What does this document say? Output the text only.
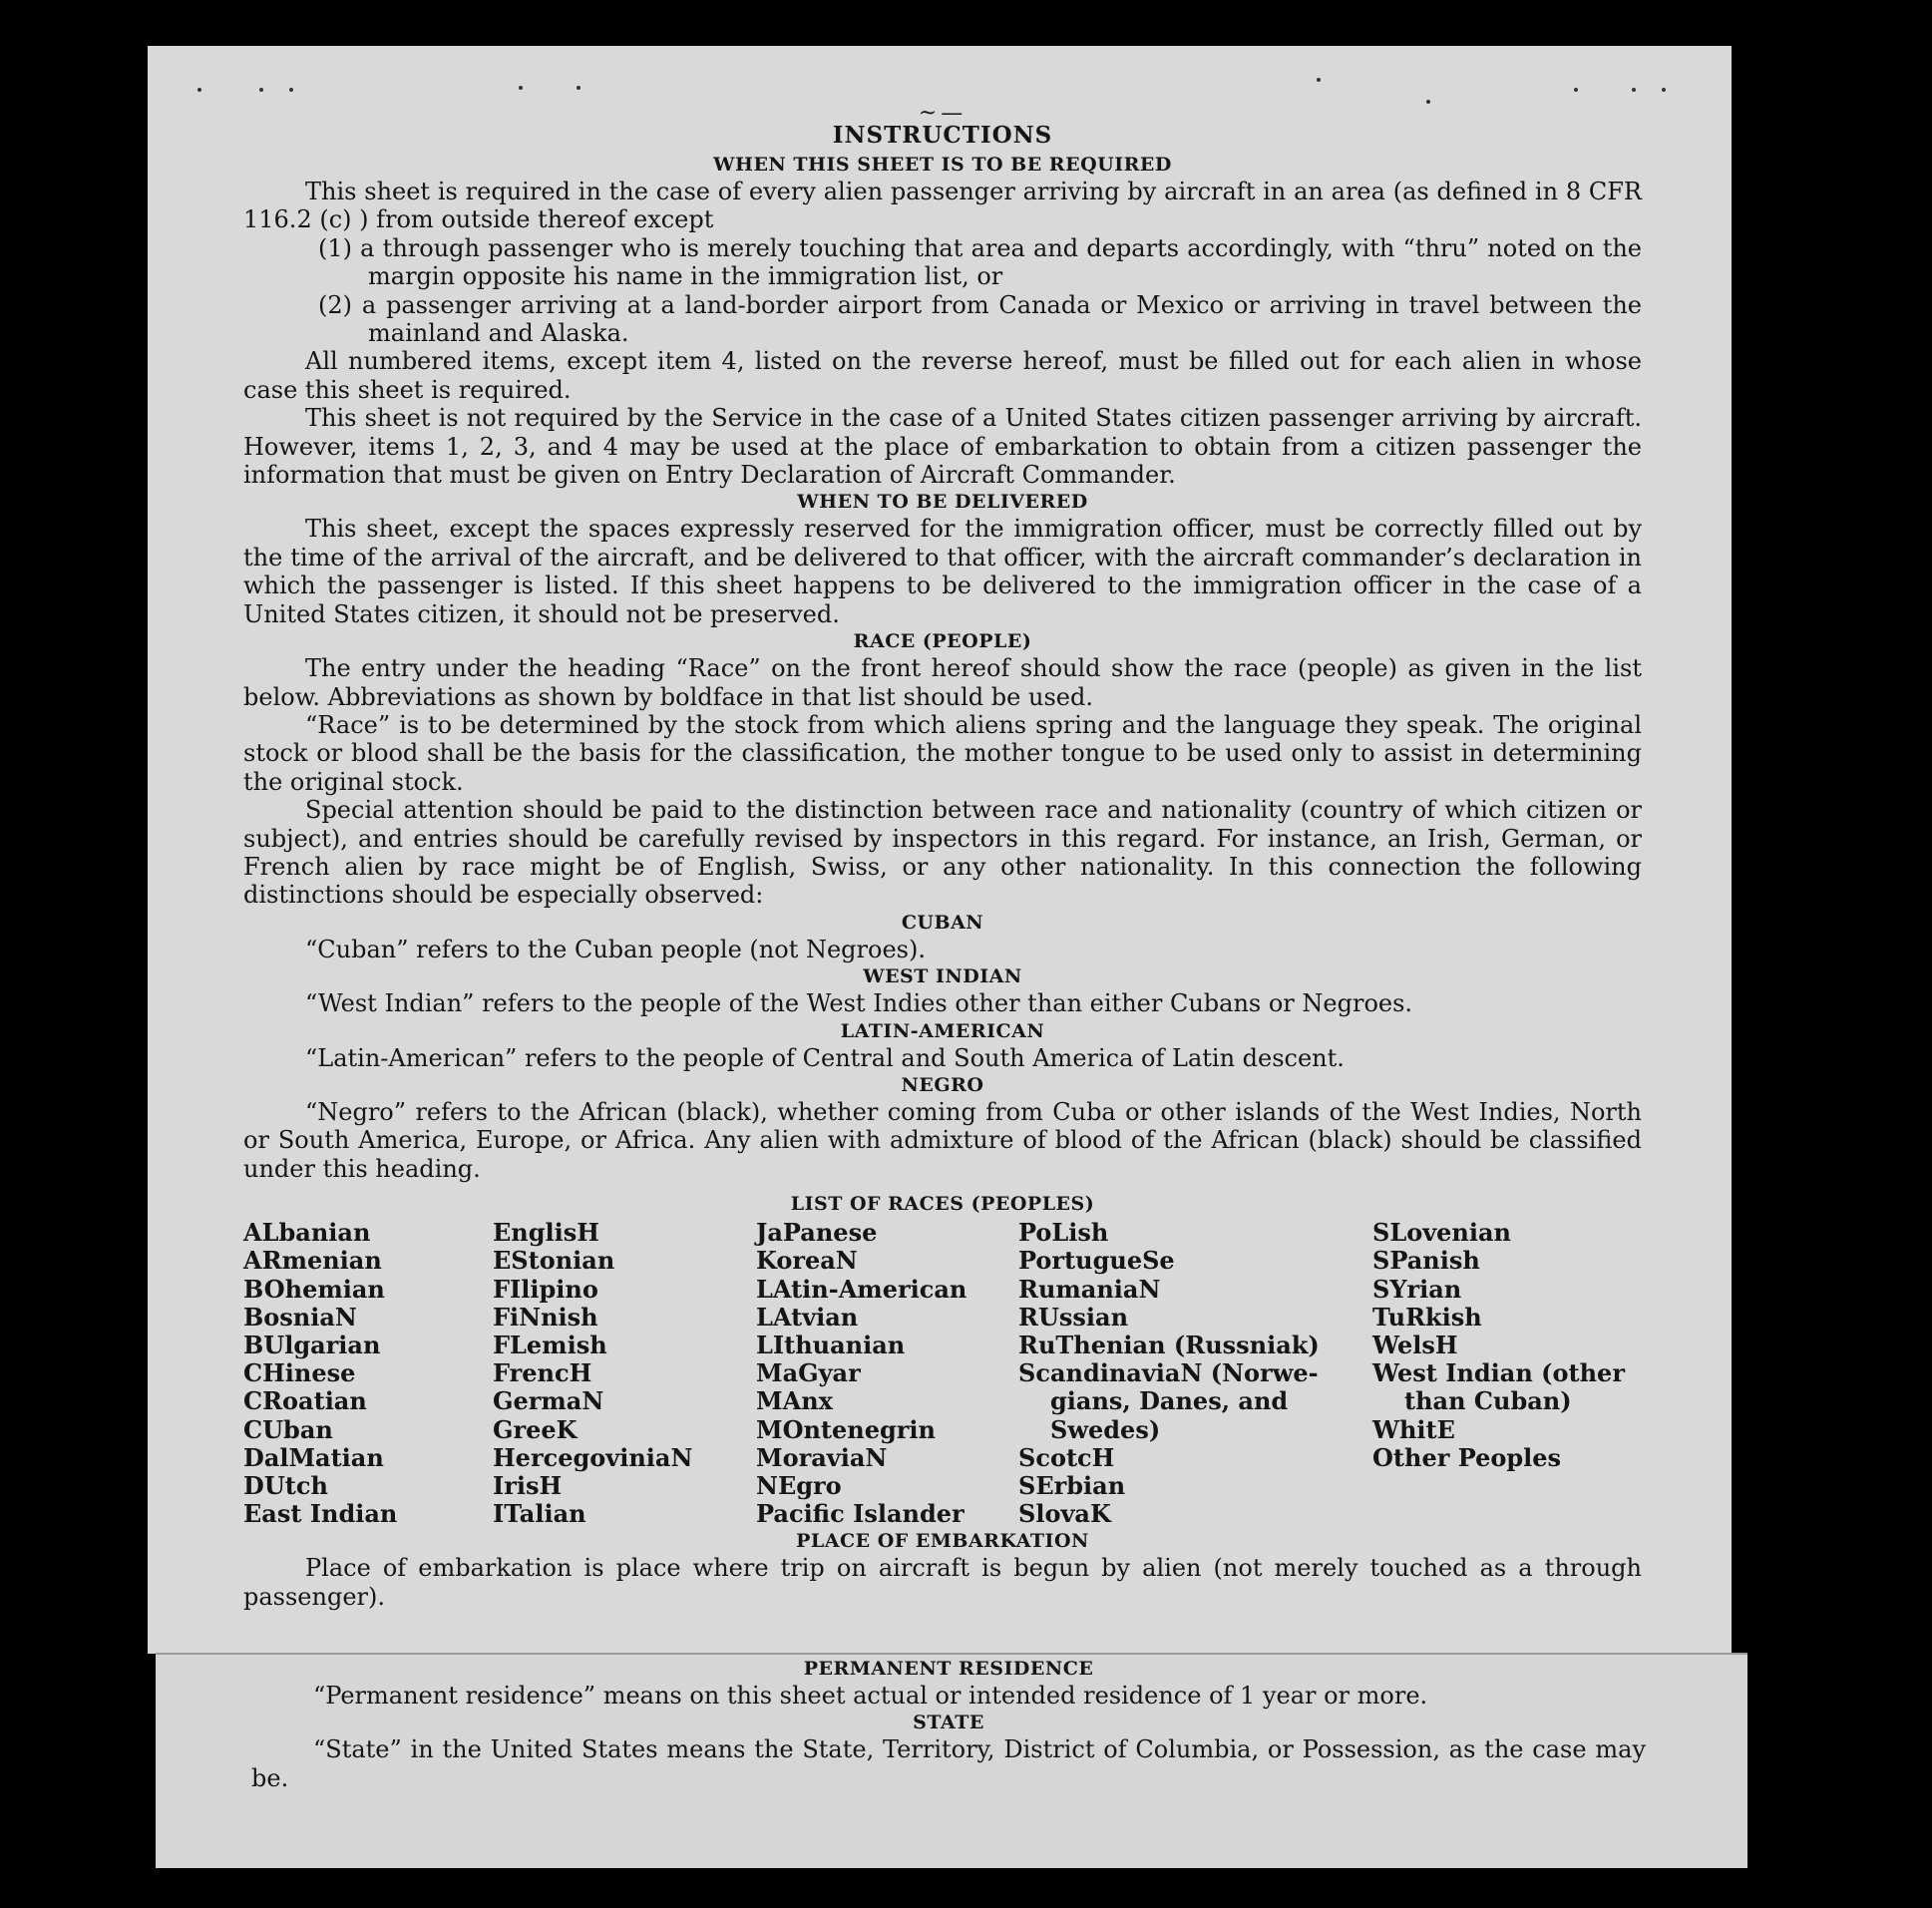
~—
INSTRUCTIONS
WHEN THIS SHEET IS TO BE REQUIRED

This sheet is required in the case of every alien passenger arriving by aircraft in an area (as defined in 8 CFR 116.2 (c) ) from outside thereof except

(1) a through passenger who is merely touching that area and departs accordingly, with “thru” noted on the margin opposite his name in the immigration list, or

(2) a passenger arriving at a land-border airport from Canada or Mexico or arriving in travel between the mainland and Alaska.

All numbered items, except item 4, listed on the reverse hereof, must be filled out for each alien in whose case this sheet is required.

This sheet is not required by the Service in the case of a United States citizen passenger arriving by aircraft. However, items 1, 2, 3, and 4 may be used at the place of embarkation to obtain from a citizen passenger the information that must be given on Entry Declaration of Aircraft Commander.

WHEN TO BE DELIVERED

This sheet, except the spaces expressly reserved for the immigration officer, must be correctly filled out by the time of the arrival of the aircraft, and be delivered to that officer, with the aircraft commander’s declaration in which the passenger is listed. If this sheet happens to be delivered to the immigration officer in the case of a United States citizen, it should not be preserved.

RACE (PEOPLE)

The entry under the heading “Race” on the front hereof should show the race (people) as given in the list below. Abbreviations as shown by boldface in that list should be used.

“Race” is to be determined by the stock from which aliens spring and the language they speak. The original stock or blood shall be the basis for the classification, the mother tongue to be used only to assist in determining the original stock.

Special attention should be paid to the distinction between race and nationality (country of which citizen or subject), and entries should be carefully revised by inspectors in this regard. For instance, an Irish, German, or French alien by race might be of English, Swiss, or any other nationality. In this connection the following distinctions should be especially observed:

CUBAN

“Cuban” refers to the Cuban people (not Negroes).

WEST INDIAN

“West Indian” refers to the people of the West Indies other than either Cubans or Negroes.

LATIN-AMERICAN

“Latin-American” refers to the people of Central and South America of Latin descent.

NEGRO

“Negro” refers to the African (black), whether coming from Cuba or other islands of the West Indies, North or South America, Europe, or Africa. Any alien with admixture of blood of the African (black) should be classified under this heading.

LIST OF RACES (PEOPLES)
ALbanian
ARmenian
BOhemian
BosniaN
BUlgarian
CHinese
CRoatian
CUban
DalMatian
DUtch
East Indian
EnglisH
EStonian
FIlipino
FiNnish
FLemish
FrencH
GermaN
GreeK
HercegoviniaN
IrisH
ITalian
JaPanese
KoreaN
LAtin-American
LAtvian
LIthuanian
MaGyar
MAnx
MOntenegrin
MoraviaN
NEgro
Pacific Islander
PoLish
PortugueSe
RumaniaN
RUssian
RuThenian (Russniak)
ScandinaviaN (Norwe-
gians, Danes, and
Swedes)
ScotcH
SErbian
SlovaK
SLovenian
SPanish
SYrian
TuRkish
WelsH
West Indian (other
than Cuban)
WhitE
Other Peoples
PLACE OF EMBARKATION

Place of embarkation is place where trip on aircraft is begun by alien (not merely touched as a through passenger).

PERMANENT RESIDENCE

“Permanent residence” means on this sheet actual or intended residence of 1 year or more.

STATE

“State” in the United States means the State, Territory, District of Columbia, or Possession, as the case may be.
